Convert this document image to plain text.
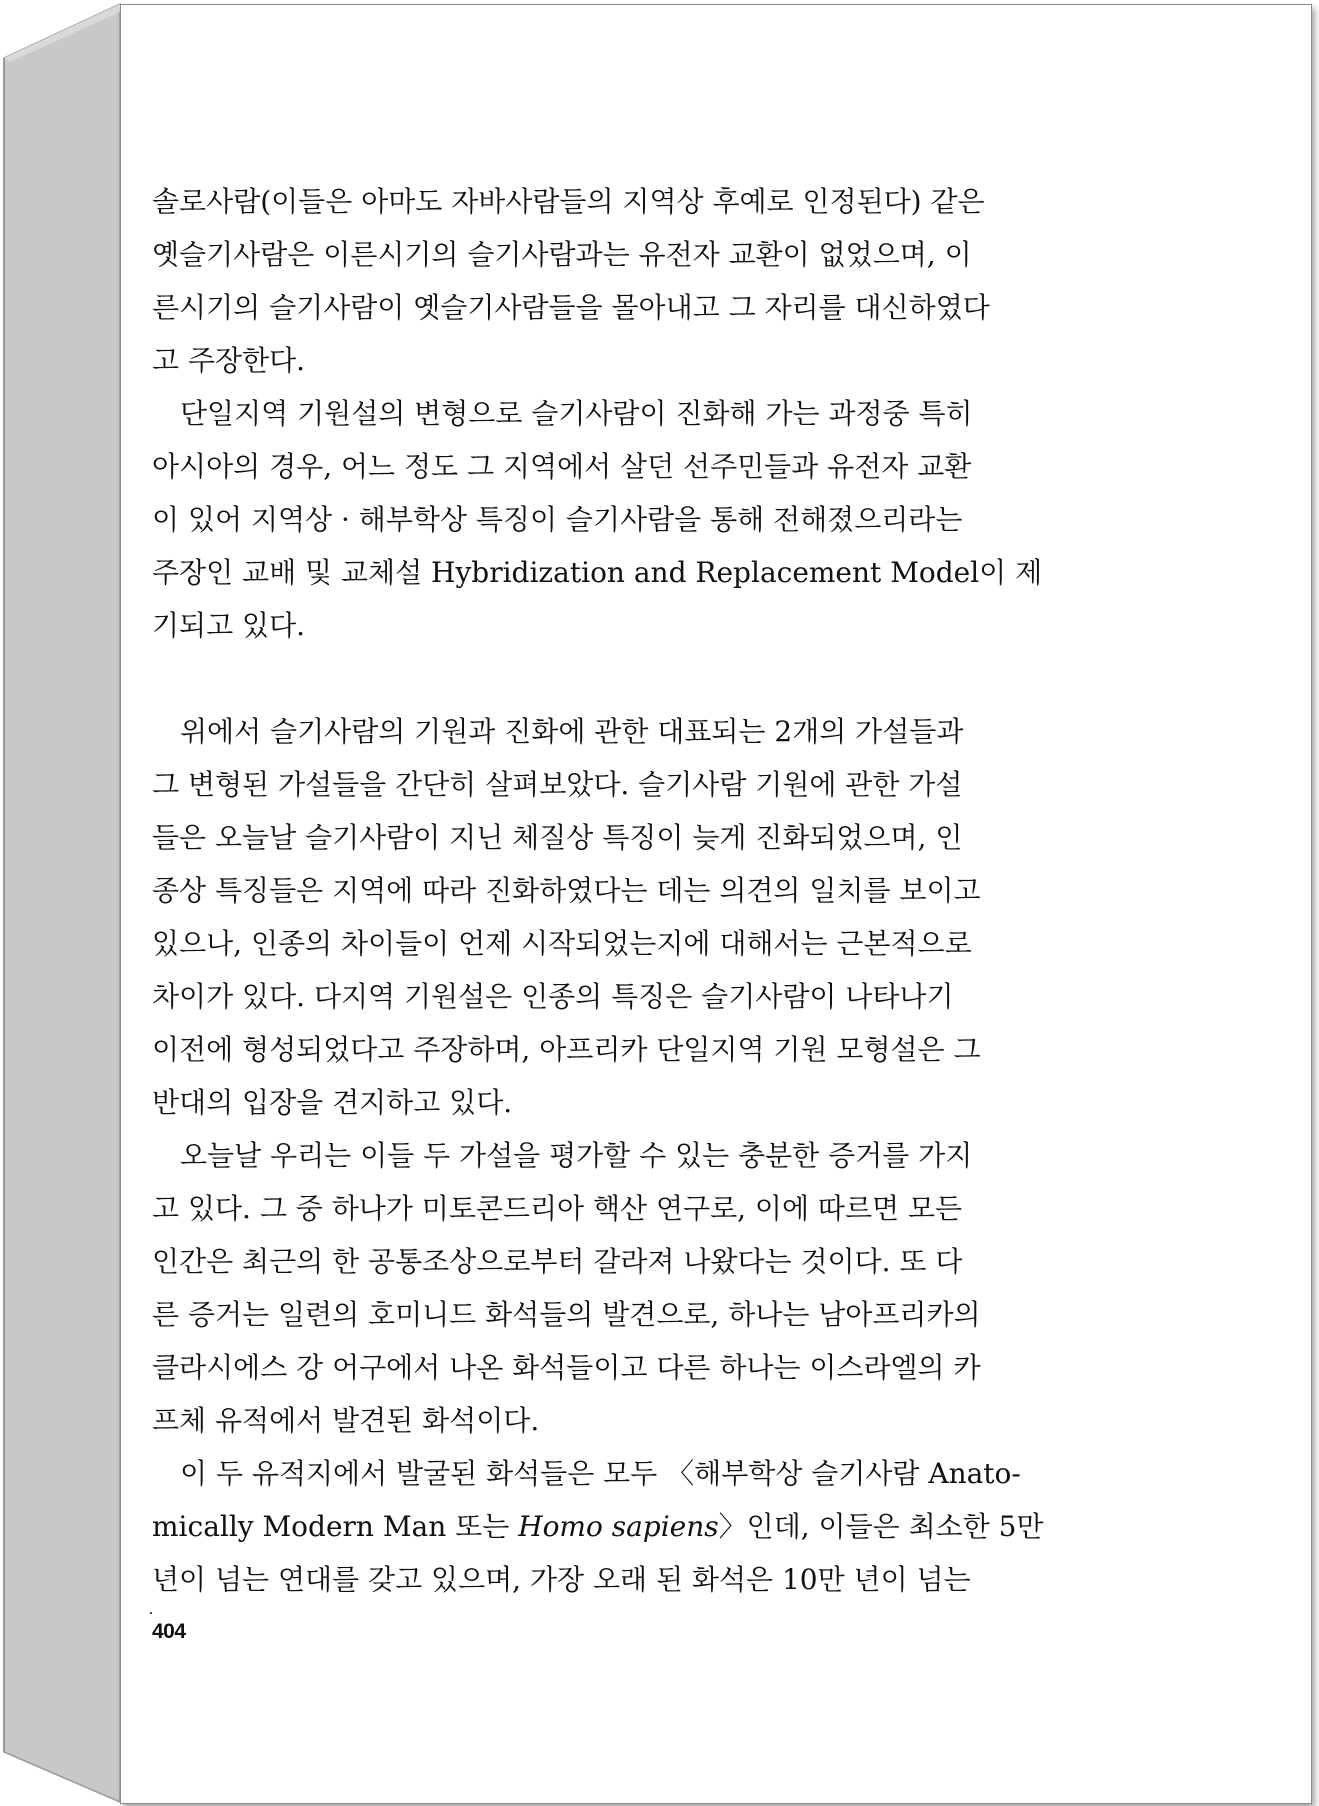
솔로사람(이들은 아마도 자바사람들의 지역상 후예로 인정된다) 같은
옛슬기사람은 이른시기의 슬기사람과는 유전자 교환이 없었으며, 이
른시기의 슬기사람이 옛슬기사람들을 몰아내고 그 자리를 대신하였다
고 주장한다.

단일지역 기원설의 변형으로 슬기사람이 진화해 가는 과정중 특히
아시아의 경우, 어느 정도 그 지역에서 살던 선주민들과 유전자 교환
이 있어 지역상 · 해부학상 특징이 슬기사람을 통해 전해졌으리라는
주장인 교배 및 교체설 Hybridization and Replacement Model이 제
기되고 있다.

위에서 슬기사람의 기원과 진화에 관한 대표되는 2개의 가설들과
그 변형된 가설들을 간단히 살펴보았다. 슬기사람 기원에 관한 가설
들은 오늘날 슬기사람이 지닌 체질상 특징이 늦게 진화되었으며, 인
종상 특징들은 지역에 따라 진화하였다는 데는 의견의 일치를 보이고
있으나, 인종의 차이들이 언제 시작되었는지에 대해서는 근본적으로
차이가 있다. 다지역 기원설은 인종의 특징은 슬기사람이 나타나기
이전에 형성되었다고 주장하며, 아프리카 단일지역 기원 모형설은 그
반대의 입장을 견지하고 있다.

오늘날 우리는 이들 두 가설을 평가할 수 있는 충분한 증거를 가지
고 있다. 그 중 하나가 미토콘드리아 핵산 연구로, 이에 따르면 모든
인간은 최근의 한 공통조상으로부터 갈라져 나왔다는 것이다. 또 다
른 증거는 일련의 호미니드 화석들의 발견으로, 하나는 남아프리카의
클라시에스 강 어구에서 나온 화석들이고 다른 하나는 이스라엘의 카
프체 유적에서 발견된 화석이다.

이 두 유적지에서 발굴된 화석들은 모두 〈해부학상 슬기사람 Anato-
mically Modern Man 또는 Homo sapiens〉인데, 이들은 최소한 5만
년이 넘는 연대를 갖고 있으며, 가장 오래 된 화석은 10만 년이 넘는

404
